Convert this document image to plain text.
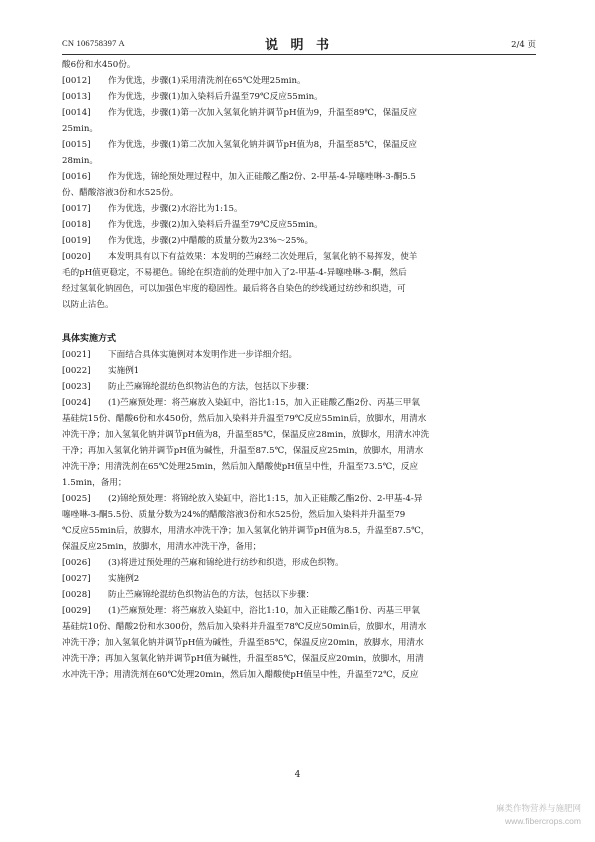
CN 106758397 A	说 明 书	2/4 页
酸6份和水450份。
[0012]	作为优选，步骤(1)采用清洗剂在65℃处理25min。
[0013]	作为优选，步骤(1)加入染料后升温至79℃反应55min。
[0014]	作为优选，步骤(1)第一次加入氢氧化钠并调节pH值为9，升温至89℃，保温反应
25min。
[0015]	作为优选，步骤(1)第二次加入氢氧化钠并调节pH值为8，升温至85℃，保温反应
28min。
[0016]	作为优选，锦纶预处理过程中，加入正硅酸乙酯2份、2-甲基-4-异噻唑啉-3-酮5.5
份、醋酸溶液3份和水525份。
[0017]	作为优选，步骤(2)水浴比为1:15。
[0018]	作为优选，步骤(2)加入染料后升温至79℃反应55min。
[0019]	作为优选，步骤(2)中醋酸的质量分数为23%～25%。
[0020]	本发明具有以下有益效果：本发明的苎麻经二次处理后，氢氧化钠不易挥发，使羊
毛的pH值更稳定，不易褪色。锦纶在织造前的处理中加入了2-甲基-4-异噻唑啉-3-酮，然后
经过氢氧化钠固色，可以加强色牢度的稳固性。最后将各自染色的纱线通过纺纱和织造，可
以防止沾色。
具体实施方式
[0021]	下面结合具体实施例对本发明作进一步详细介绍。
[0022]	实施例1
[0023]	防止苎麻锦纶混纺色织物沾色的方法，包括以下步骤：
[0024]	(1)苎麻预处理：将苎麻放入染缸中，浴比1:15，加入正硅酸乙酯2份、丙基三甲氧
基硅烷15份、醋酸6份和水450份，然后加入染料并升温至79℃反应55min后，放脚水，用清水
冲洗干净；加入氢氧化钠并调节pH值为8，升温至85℃，保温反应28min，放脚水，用清水冲洗
干净；再加入氢氧化钠并调节pH值为碱性，升温至87.5℃，保温反应25min，放脚水，用清水
冲洗干净；用清洗剂在65℃处理25min，然后加入醋酸使pH值呈中性，升温至73.5℃，反应
1.5min，备用；
[0025]	(2)锦纶预处理：将锦纶放入染缸中，浴比1:15，加入正硅酸乙酯2份、2-甲基-4-异
噻唑啉-3-酮5.5份、质量分数为24%的醋酸溶液3份和水525份，然后加入染料并升温至79
℃反应55min后，放脚水，用清水冲洗干净；加入氢氧化钠并调节pH值为8.5，升温至87.5℃，
保温反应25min，放脚水，用清水冲洗干净，备用；
[0026]	(3)将进过预处理的苎麻和锦纶进行纺纱和织造，形成色织物。
[0027]	实施例2
[0028]	防止苎麻锦纶混纺色织物沾色的方法，包括以下步骤：
[0029]	(1)苎麻预处理：将苎麻放入染缸中，浴比1:10，加入正硅酸乙酯1份、丙基三甲氧
基硅烷10份、醋酸2份和水300份，然后加入染料并升温至78℃反应50min后，放脚水，用清水
冲洗干净；加入氢氧化钠并调节pH值为碱性，升温至85℃，保温反应20min，放脚水，用清水
冲洗干净；再加入氢氧化钠并调节pH值为碱性，升温至85℃，保温反应20min，放脚水，用清
水冲洗干净；用清洗剂在60℃处理20min，然后加入醋酸使pH值呈中性，升温至72℃，反应
4
麻类作物营养与施肥网
www.fibercrops.com
